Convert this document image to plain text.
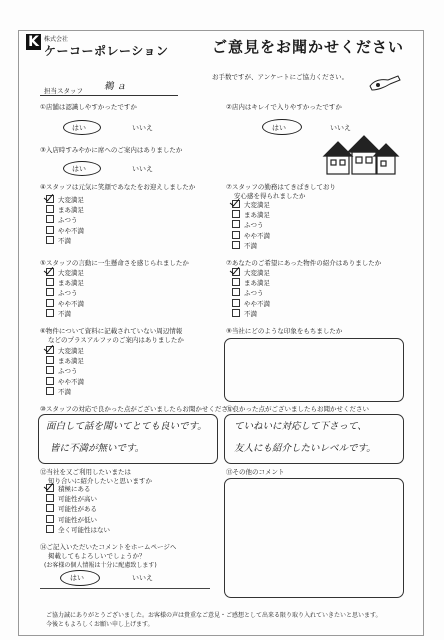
K 株式会社
ケーコーポレーション	ご意見をお聞かせください
お手数ですが、アンケートにご協力ください。
担当スタッフ 鵜 ａ
①店舗は認識しやすかったですか
はい	いいえ
②店内はキレイで入りやすかったですか
はい	いいえ
③入店時すみやかに席へのご案内はありましたか
はい	いいえ
④スタッフは元気に笑顔であなたをお迎えしましたか
大変満足
まあ満足
ふつう
やや不満
不満
⑦スタッフの勤務はてきぱきしており
安心感を得られましたか
大変満足
まあ満足
ふつう
やや不満
不満
⑤スタッフの言動に一生懸命さを感じられましたか
大変満足
まあ満足
ふつう
やや不満
不満
⑦あなたのご希望にあった物件の紹介はありましたか
大変満足
まあ満足
ふつう
やや不満
不満
⑥物件について資料に記載されていない周辺情報
などのプラスアルファのご案内はありましたか
大変満足
まあ満足
ふつう
やや不満
不満
⑨当社にどのような印象をもちましたか
⑩スタッフの対応で良かった点がございましたらお聞かせください
面白して話を聞いてとても良いです。
皆に不満が無いです。
⑪良かった点がございましたらお聞かせください
ていねいに対応して下さって、
友人にも紹介したいレベルです。
⑫当社を又ご利用したいまたは
知り合いに紹介したいと思いますか
積極にある
可能性が高い
可能性がある
可能性が低い
全く可能性はない
⑬その他のコメント
⑭ご記入いただいたコメントをホームページへ
掲載してもよろしいでしょうか？
(お客様の個人情報は十分に配慮致します)
はい	いいえ
ご協力誠にありがとうございました。お客様の声は貴重なご意見・ご感想として出来る限り取り入れていきたいと思います。
今後ともよろしくお願い申し上げます。
